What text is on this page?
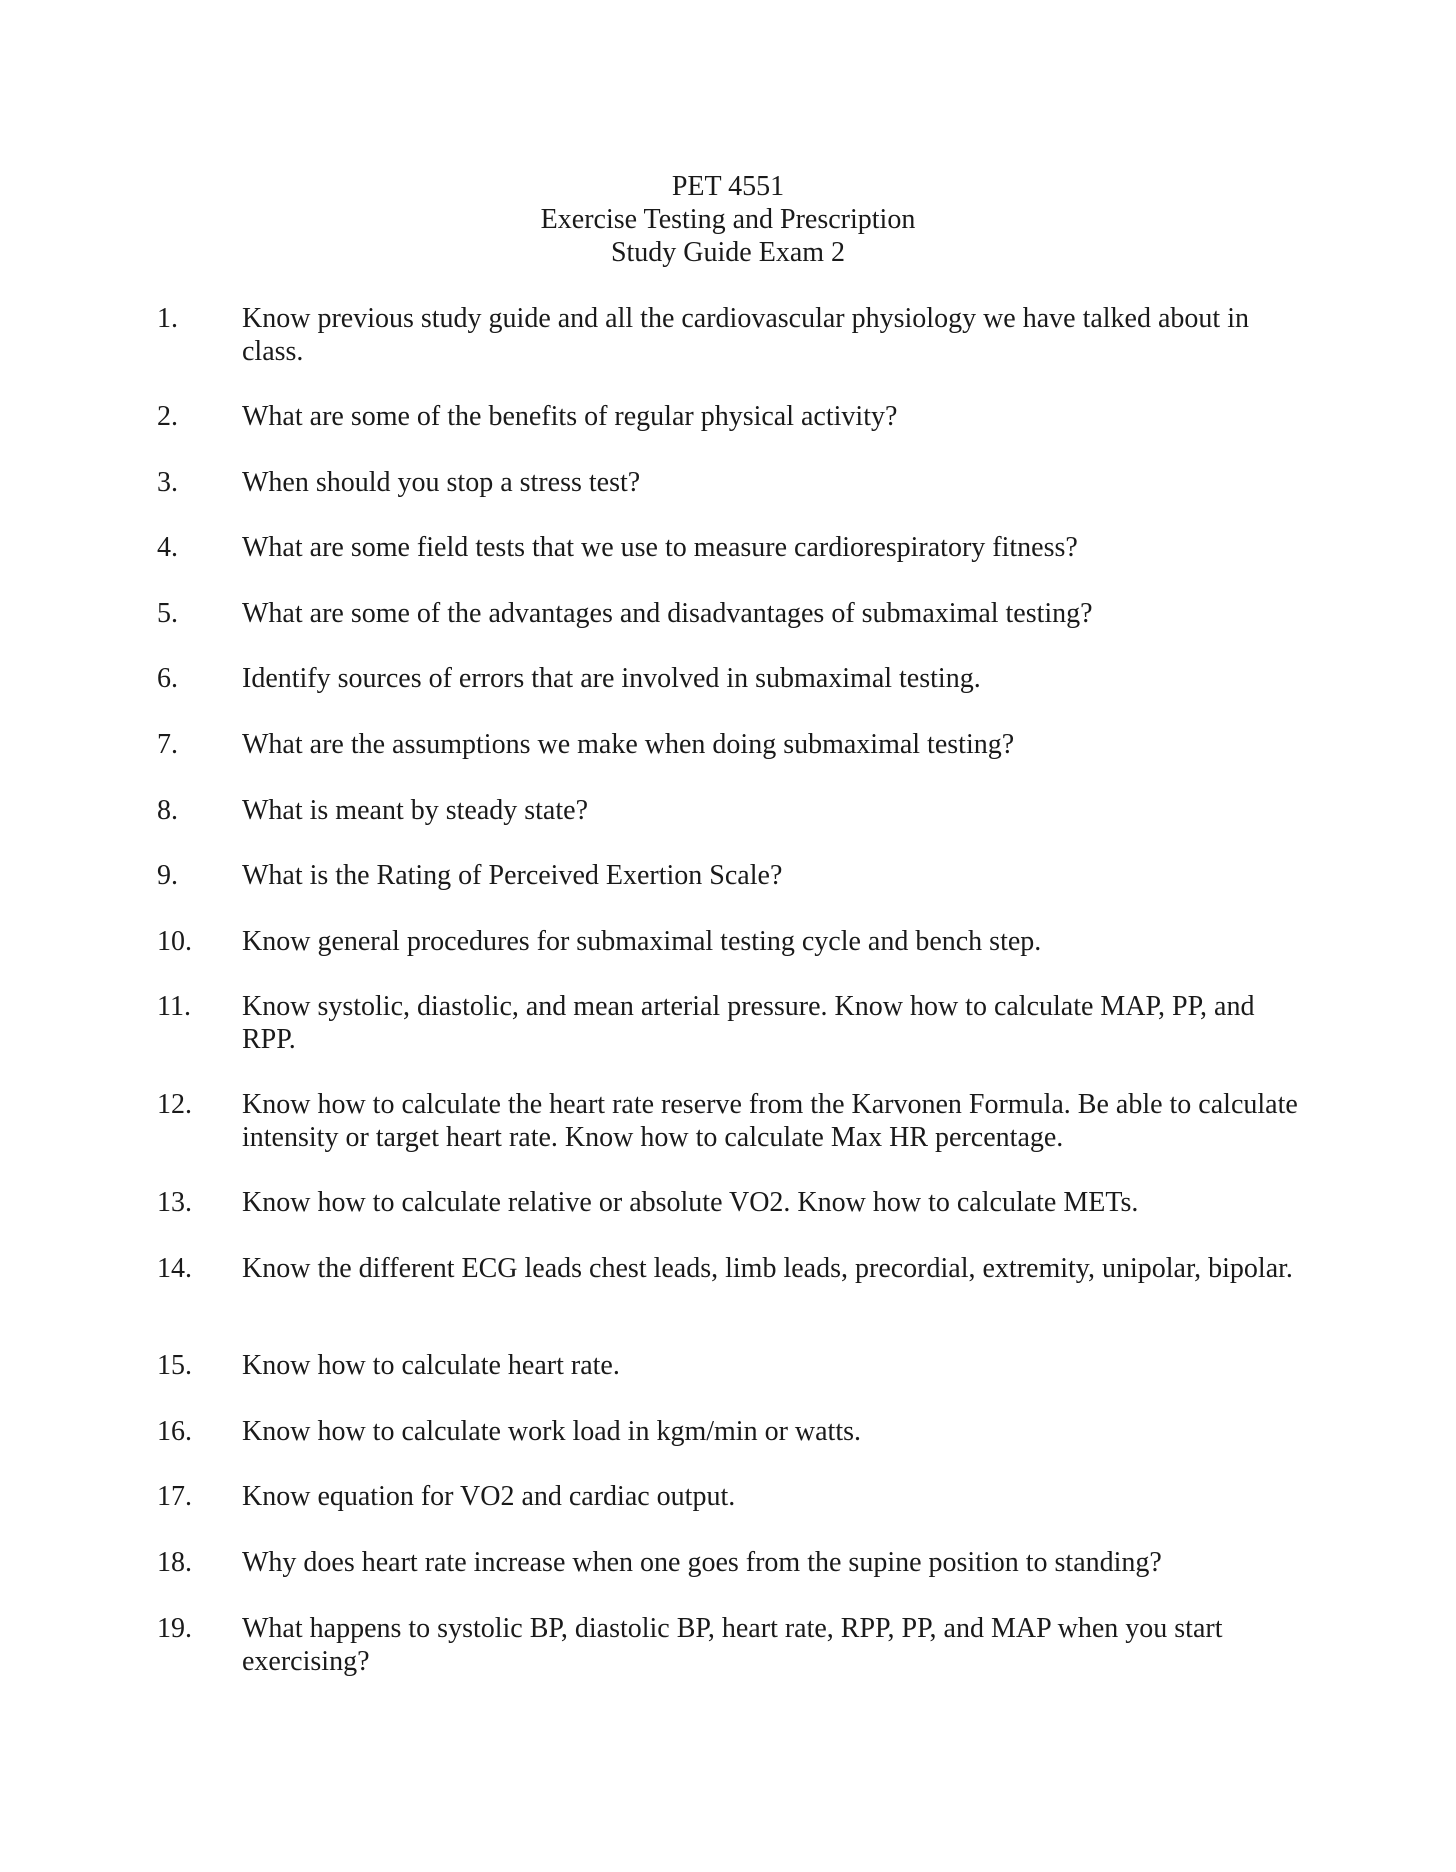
PET 4551
Exercise Testing and Prescription
Study Guide Exam 2
1. Know previous study guide and all the cardiovascular physiology we have talked about in class.
2. What are some of the benefits of regular physical activity?
3. When should you stop a stress test?
4. What are some field tests that we use to measure cardiorespiratory fitness?
5. What are some of the advantages and disadvantages of submaximal testing?
6. Identify sources of errors that are involved in submaximal testing.
7. What are the assumptions we make when doing submaximal testing?
8. What is meant by steady state?
9. What is the Rating of Perceived Exertion Scale?
10. Know general procedures for submaximal testing cycle and bench step.
11. Know systolic, diastolic, and mean arterial pressure. Know how to calculate MAP, PP, and RPP.
12. Know how to calculate the heart rate reserve from the Karvonen Formula. Be able to calculate intensity or target heart rate. Know how to calculate Max HR percentage.
13. Know how to calculate relative or absolute VO2. Know how to calculate METs.
14. Know the different ECG leads chest leads, limb leads, precordial, extremity, unipolar, bipolar.
15. Know how to calculate heart rate.
16. Know how to calculate work load in kgm/min or watts.
17. Know equation for VO2 and cardiac output.
18. Why does heart rate increase when one goes from the supine position to standing?
19. What happens to systolic BP, diastolic BP, heart rate, RPP, PP, and MAP when you start exercising?
